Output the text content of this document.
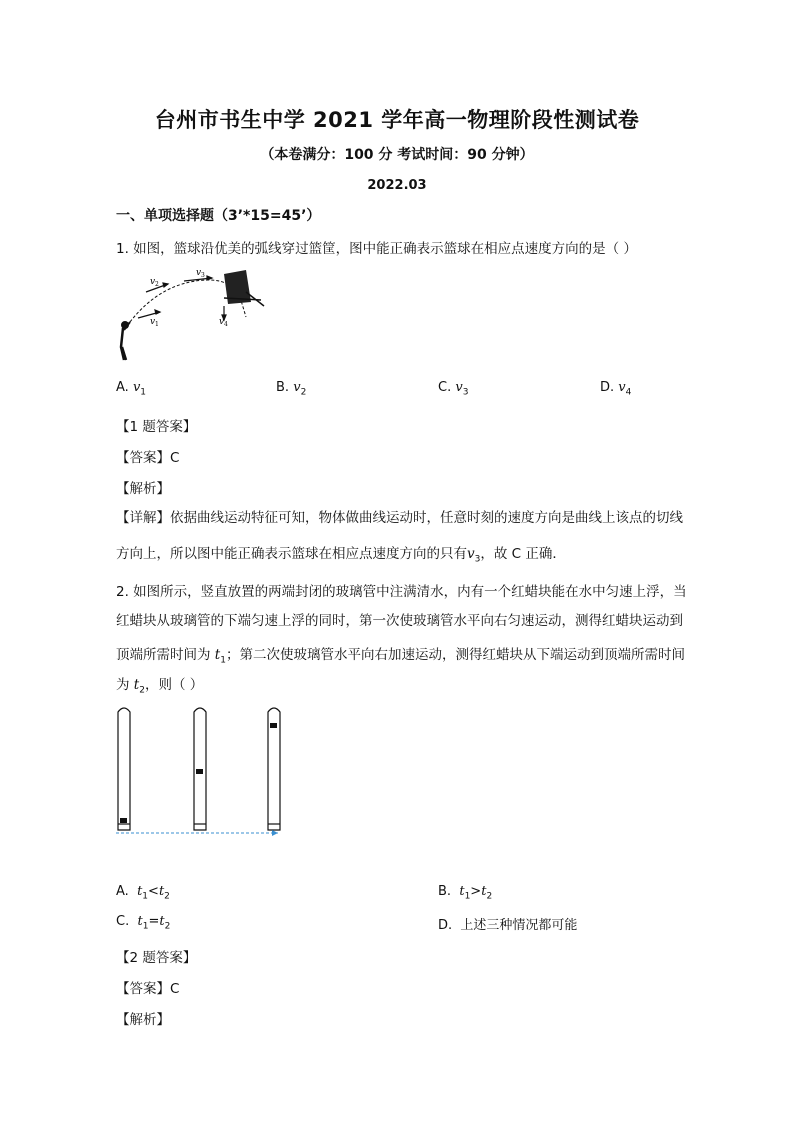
台州市书生中学 2021 学年高一物理阶段性测试卷
（本卷满分：100 分 考试时间：90 分钟）
2022.03
一、单项选择题（3’*15=45’）
1. 如图，篮球沿优美的弧线穿过篮筐，图中能正确表示篮球在相应点速度方向的是（ ）
v 1
v 2
v 3
v 4
A. $v_1$	B. $v_2$	C. $v_3$	D. $v_4$
【1 题答案】
【答案】C
【解析】
【详解】依据曲线运动特征可知，物体做曲线运动时，任意时刻的速度方向是曲线上该点的切线
方向上，所以图中能正确表示篮球在相应点速度方向的只有$v_3$，故 C 正确．
2. 如图所示，竖直放置的两端封闭的玻璃管中注满清水，内有一个红蜡块能在水中匀速上浮，当
红蜡块从玻璃管的下端匀速上浮的同时，第一次使玻璃管水平向右匀速运动，测得红蜡块运动到
顶端所需时间为 $t_1$；第二次使玻璃管水平向右加速运动，测得红蜡块从下端运动到顶端所需时间
为 $t_2$，则（ ）
A. $t_1<t_2$	B. $t_1>t_2$
C. $t_1=t_2$	D. 上述三种情况都可能
【2 题答案】
【答案】C
【解析】
